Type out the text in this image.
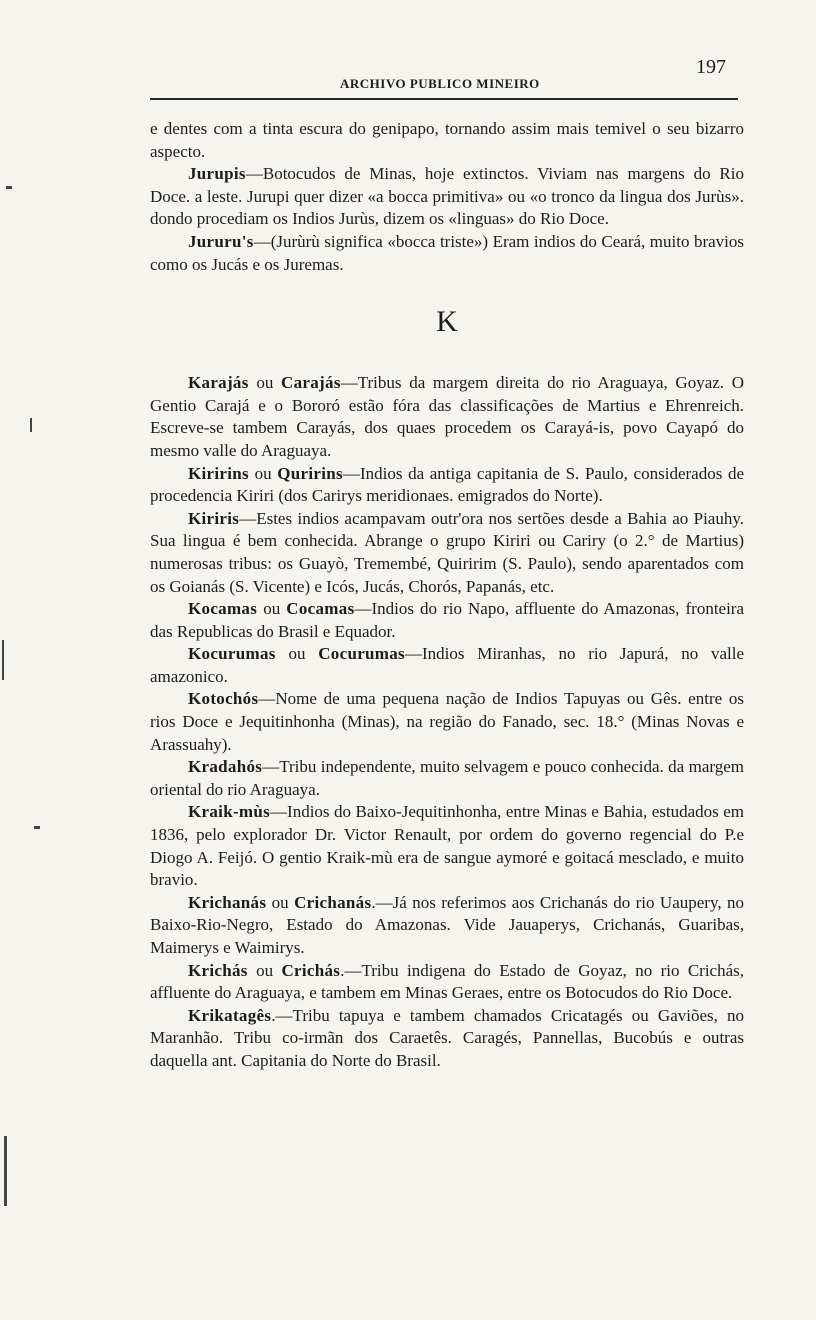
ARCHIVO PUBLICO MINEIRO
197

e dentes com a tinta escura do genipapo, tornando assim mais temivel o seu bizarro aspecto.

Jurupis—Botocudos de Minas, hoje extinctos. Viviam nas margens do Rio Doce. a leste. Jurupi quer dizer «a bocca primitiva» ou «o tronco da lingua dos Jurùs». dondo procediam os Indios Jurùs, dizem os «linguas» do Rio Doce.

Jururu's—(Jurùrù significa «bocca triste») Eram indios do Ceará, muito bravios como os Jucás e os Juremas.

K

Karajás ou Carajás—Tribus da margem direita do rio Araguaya, Goyaz. O Gentio Carajá e o Bororó estão fóra das classificações de Martius e Ehrenreich. Escreve-se tambem Carayás, dos quaes procedem os Carayá-is, povo Cayapó do mesmo valle do Araguaya.

Kiririns ou Quririns—Indios da antiga capitania de S. Paulo, considerados de procedencia Kiriri (dos Carirys meridionaes. emigrados do Norte).

Kiriris—Estes indios acampavam outr'ora nos sertões desde a Bahia ao Piauhy. Sua lingua é bem conhecida. Abrange o grupo Kiriri ou Cariry (o 2.° de Martius) numerosas tribus: os Guayò, Tremembé, Quiririm (S. Paulo), sendo aparentados com os Goianás (S. Vicente) e Icós, Jucás, Chorós, Papanás, etc.

Kocamas ou Cocamas—Indios do rio Napo, affluente do Amazonas, fronteira das Republicas do Brasil e Equador.

Kocurumas ou Cocurumas—Indios Miranhas, no rio Japurá, no valle amazonico.

Kotochós—Nome de uma pequena nação de Indios Tapuyas ou Gês. entre os rios Doce e Jequitinhonha (Minas), na região do Fanado, sec. 18.° (Minas Novas e Arassuahy).

Kradahós—Tribu independente, muito selvagem e pouco conhecida. da margem oriental do rio Araguaya.

Kraik-mùs—Indios do Baixo-Jequitinhonha, entre Minas e Bahia, estudados em 1836, pelo explorador Dr. Victor Renault, por ordem do governo regencial do P.e Diogo A. Feijó. O gentio Kraik-mù era de sangue aymoré e goitacá mesclado, e muito bravio.

Krichanás ou Crichanás.—Já nos referimos aos Crichanás do rio Uaupery, no Baixo-Rio-Negro, Estado do Amazonas. Vide Jauaperys, Crichanás, Guaribas, Maimerys e Waimirys.

Krichás ou Crichás.—Tribu indigena do Estado de Goyaz, no rio Crichás, affluente do Araguaya, e tambem em Minas Geraes, entre os Botocudos do Rio Doce.

Krikatagês.—Tribu tapuya e tambem chamados Cricatagés ou Gaviões, no Maranhão. Tribu co-irmãn dos Caraetês. Caragés, Pannellas, Bucobús e outras daquella ant. Capitania do Norte do Brasil.
